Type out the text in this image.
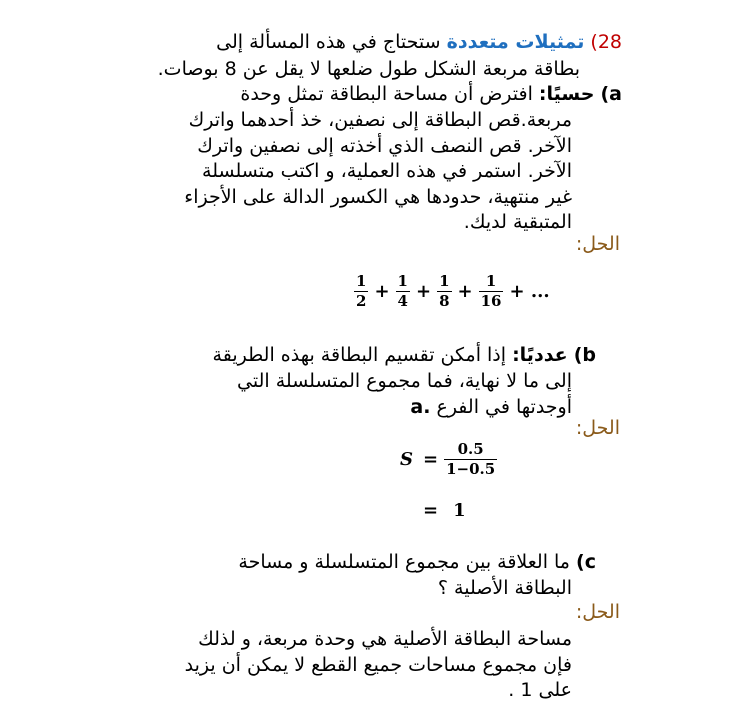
28) تمثيلات متعددة ستحتاج في هذه المسألة إلى
بطاقة مربعة الشكل طول ضلعها لا يقل عن 8 بوصات.
a) حسيًا: افترض أن مساحة البطاقة تمثل وحدة
مربعة.قص البطاقة إلى نصفين، خذ أحدهما واترك
الآخر. قص النصف الذي أخذته إلى نصفين واترك
الآخر. استمر في هذه العملية، و اكتب متسلسلة
غير منتهية، حدودها هي الكسور الدالة على الأجزاء
المتبقية لديك.
الحل:
$\frac{1}{2} + \frac{1}{4} + \frac{1}{8} + \frac{1}{16}$ + ...
b) عدديًا: إذا أمكن تقسيم البطاقة بهذه الطريقة
إلى ما لا نهاية، فما مجموع المتسلسلة التي
أوجدتها في الفرع a.
الحل:
$S = \frac{0.5}{1-0.5}$
= 1
c) ما العلاقة بين مجموع المتسلسلة و مساحة
البطاقة الأصلية ؟
الحل:
مساحة البطاقة الأصلية هي وحدة مربعة، و لذلك
فإن مجموع مساحات جميع القطع لا يمكن أن يزيد
على 1 .
